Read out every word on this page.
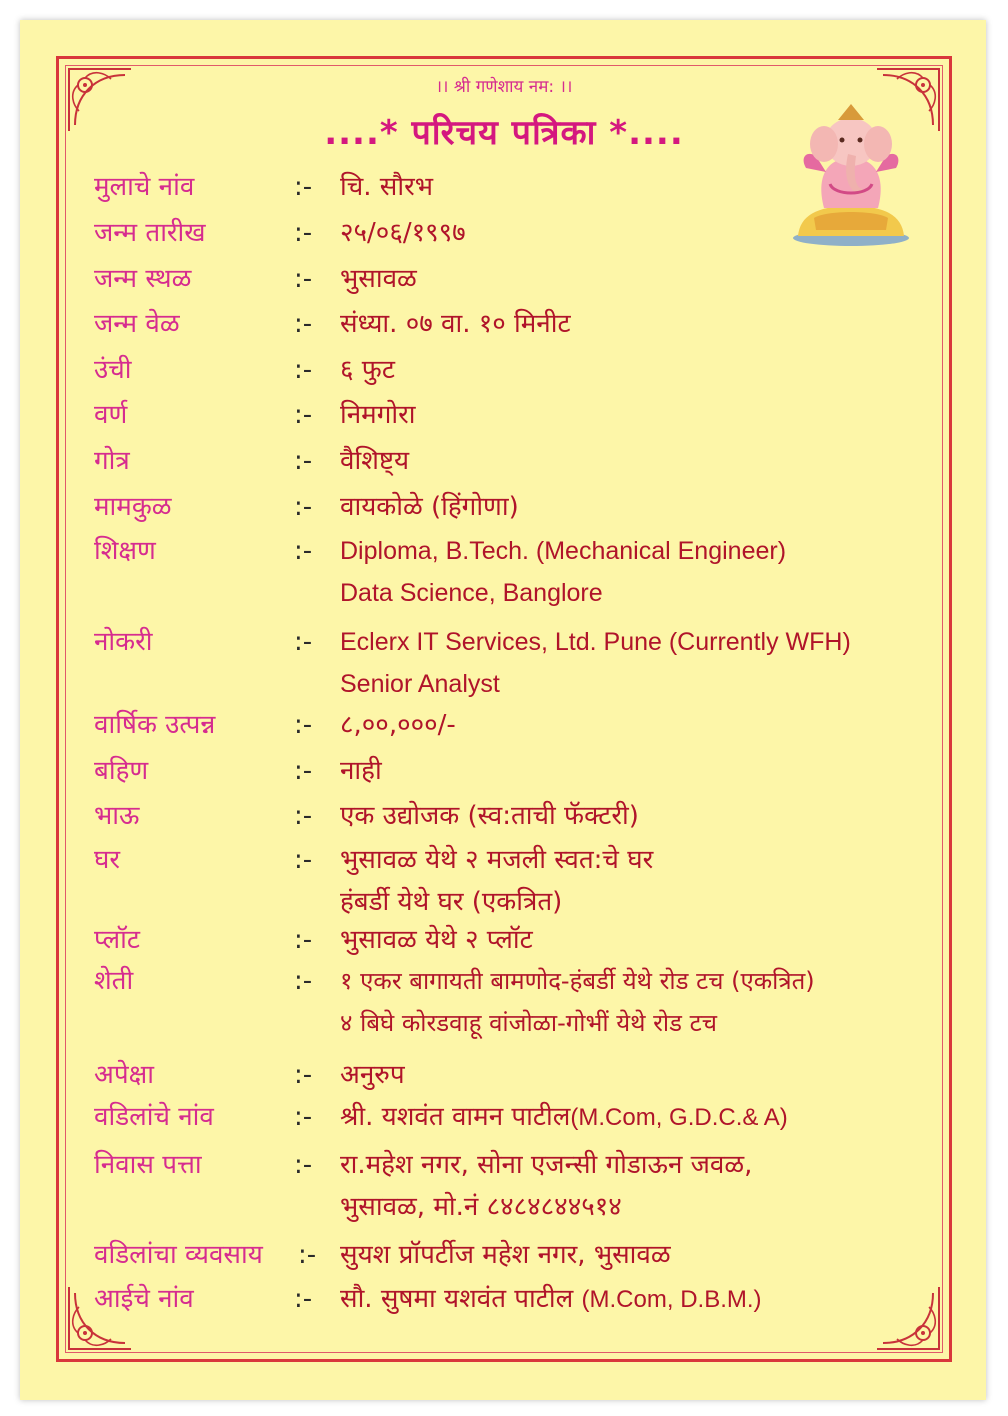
।। श्री गणेशाय नम: ।।
....* परिचय पत्रिका *....
मुलाचे नांव	:- चि. सौरभ
जन्म तारीख	:- २५/०६/१९९७
जन्म स्थळ	:- भुसावळ
जन्म वेळ	:- संध्या. ०७ वा. १० मिनीट
उंची	:- ६ फुट
वर्ण	:- निमगोरा
गोत्र	:- वैशिष्ट्य
मामकुळ	:- वायकोळे (हिंगोणा)
शिक्षण	:- Diploma, B.Tech. (Mechanical Engineer)
Data Science, Banglore
नोकरी	:- Eclerx IT Services, Ltd. Pune (Currently WFH)
Senior Analyst
वार्षिक उत्पन्न	:- ८,००,०००/-
बहिण	:- नाही
भाऊ	:- एक उद्योजक (स्व:ताची फॅक्टरी)
घर	:- भुसावळ येथे २ मजली स्वत:चे घर
हंबर्डी येथे घर (एकत्रित)
प्लॉट	:- भुसावळ येथे २ प्लॉट
शेती	:- १ एकर बागायती बामणोद-हंबर्डी येथे रोड टच (एकत्रित)
४ बिघे कोरडवाहू वांजोळा-गोभीं येथे रोड टच
अपेक्षा	:- अनुरुप
वडिलांचे नांव	:- श्री. यशवंत वामन पाटील(M.Com, G.D.C.& A)
निवास पत्ता	:- रा.महेश नगर, सोना एजन्सी गोडाऊन जवळ,
भुसावळ, मो.नं ८४८४८४४५१४
वडिलांचा व्यवसाय :- सुयश प्रॉपर्टीज महेश नगर, भुसावळ
आईचे नांव	:- सौ. सुषमा यशवंत पाटील (M.Com, D.B.M.)
